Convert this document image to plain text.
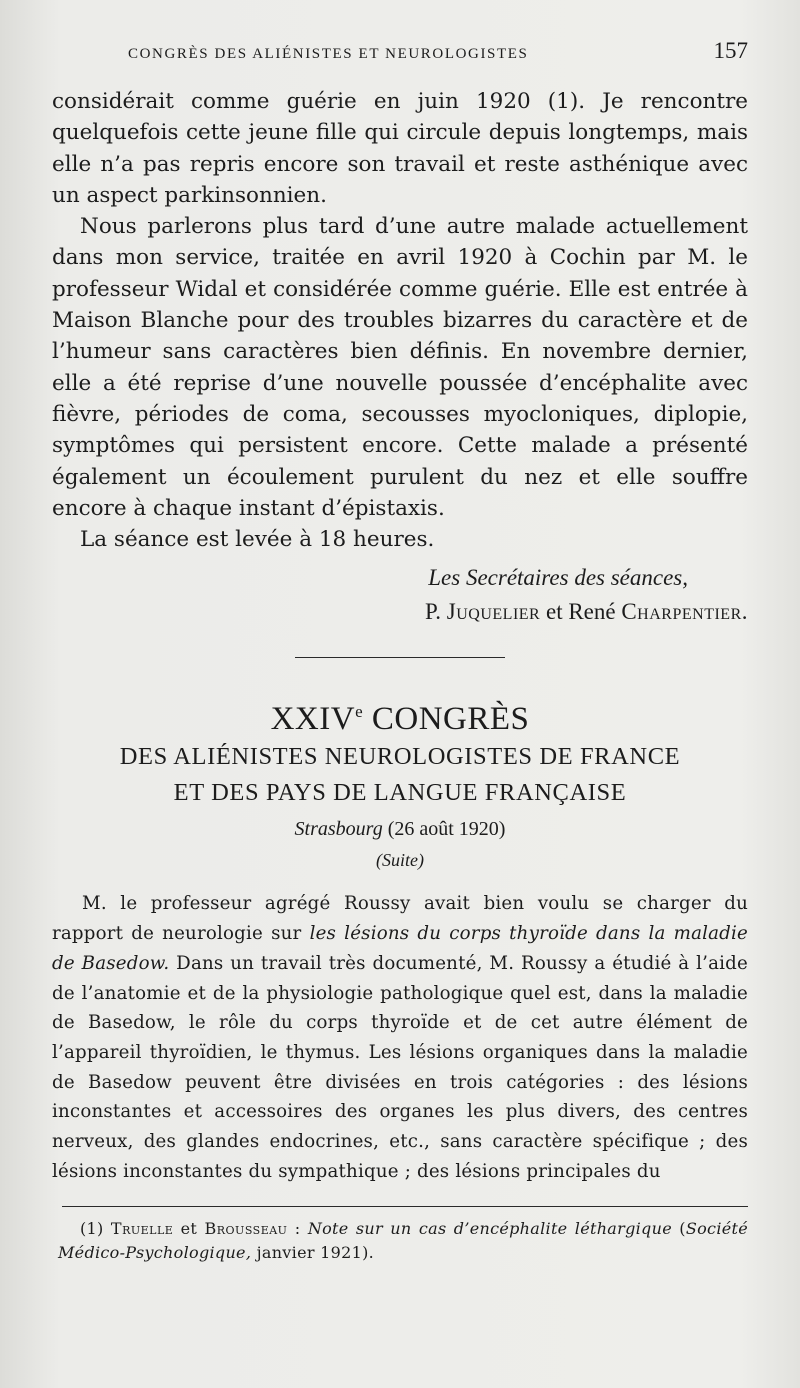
CONGRÈS DES ALIÉNISTES ET NEUROLOGISTES	157

considérait comme guérie en juin 1920 (1). Je rencontre quelquefois cette jeune fille qui circule depuis longtemps, mais elle n’a pas repris encore son travail et reste asthénique avec un aspect parkinsonnien.

Nous parlerons plus tard d’une autre malade actuellement dans mon service, traitée en avril 1920 à Cochin par M. le professeur Widal et considérée comme guérie. Elle est entrée à Maison Blanche pour des troubles bizarres du caractère et de l’humeur sans caractères bien définis. En novembre dernier, elle a été reprise d’une nouvelle poussée d’encéphalite avec fièvre, périodes de coma, secousses myocloniques, diplopie, symptômes qui persistent encore. Cette malade a présenté également un écoulement purulent du nez et elle souffre encore à chaque instant d’épistaxis.

La séance est levée à 18 heures.

Les Secrétaires des séances,
P. Juquelier et René Charpentier.
XXIVe CONGRÈS
DES ALIÉNISTES NEUROLOGISTES DE FRANCE
ET DES PAYS DE LANGUE FRANÇAISE
Strasbourg (26 août 1920)
(Suite)

M. le professeur agrégé Roussy avait bien voulu se charger du rapport de neurologie sur les lésions du corps thyroïde dans la maladie de Basedow. Dans un travail très documenté, M. Roussy a étudié à l’aide de l’anatomie et de la physiologie pathologique quel est, dans la maladie de Basedow, le rôle du corps thyroïde et de cet autre élément de l’appareil thyroïdien, le thymus. Les lésions organiques dans la maladie de Basedow peuvent être divisées en trois catégories : des lésions inconstantes et accessoires des organes les plus divers, des centres nerveux, des glandes endocrines, etc., sans caractère spécifique ; des lésions inconstantes du sympathique ; des lésions principales du

(1) Truelle et Brousseau : Note sur un cas d’encéphalite léthargique (Société Médico-Psychologique, janvier 1921).
